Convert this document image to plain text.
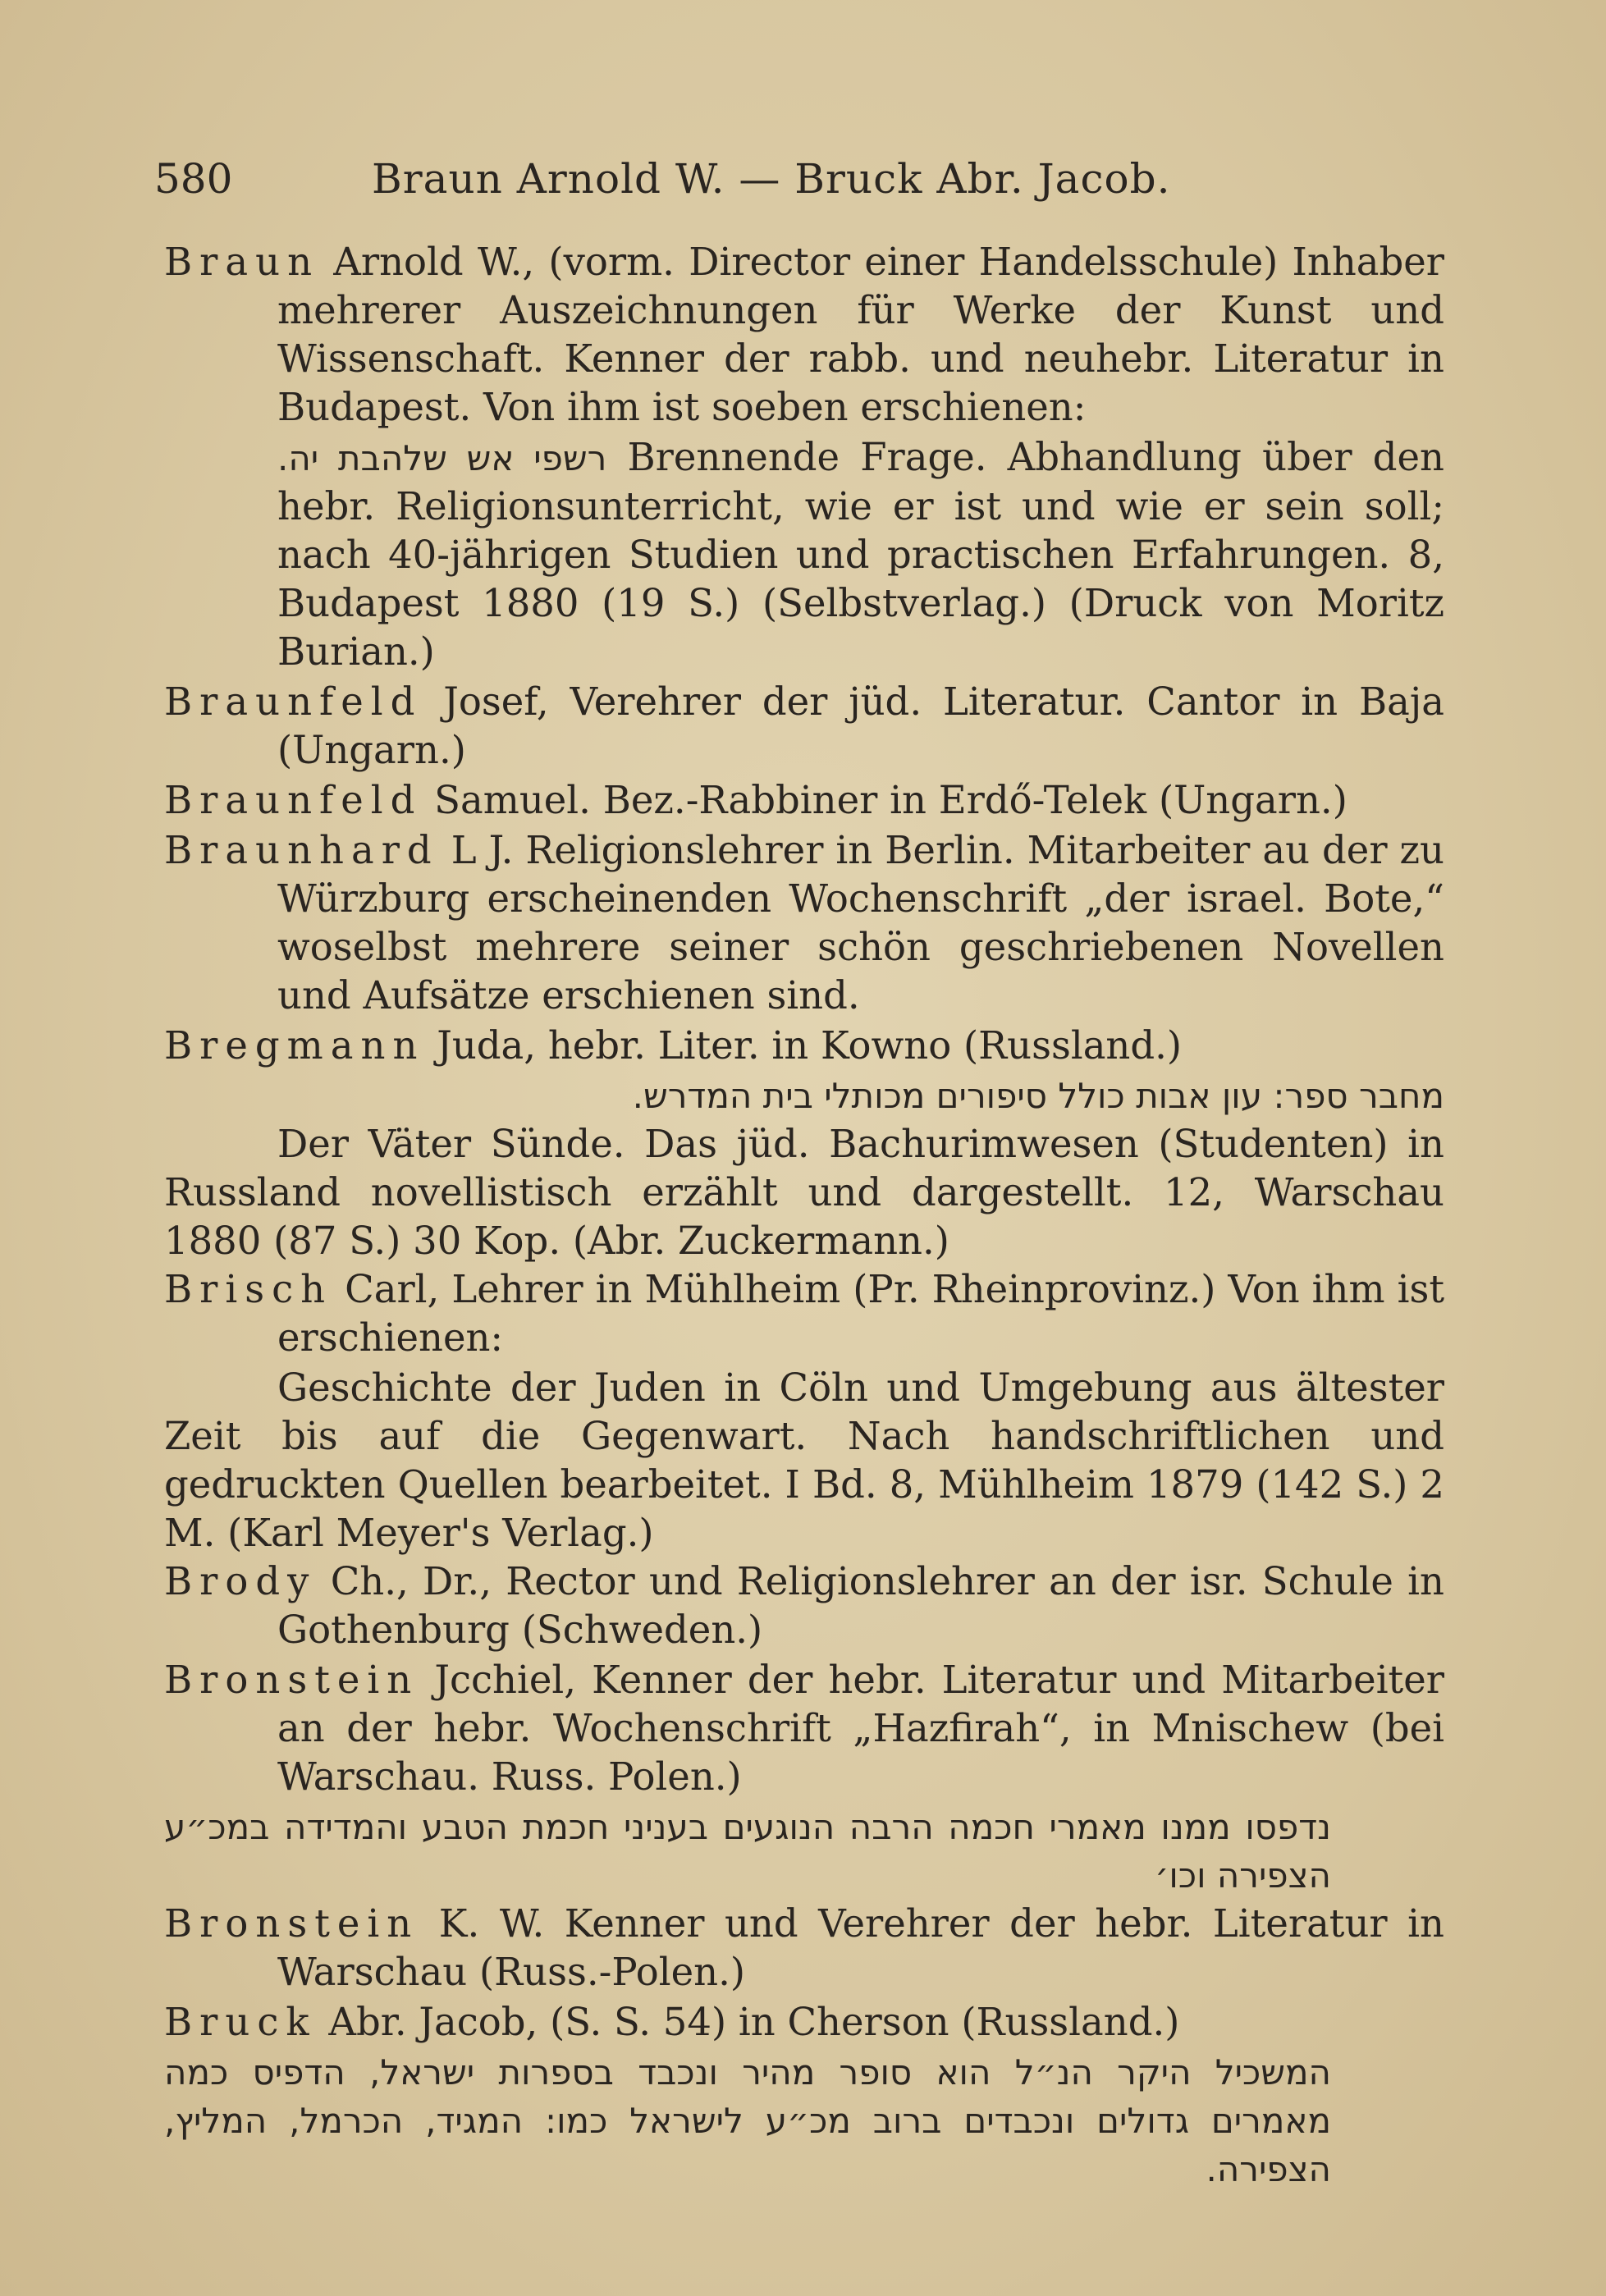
580	Braun Arnold W. — Bruck Abr. Jacob.
Braun Arnold W., (vorm. Director einer Handelsschule) Inhaber mehrerer Auszeichnungen für Werke der Kunst und Wissenschaft. Kenner der rabb. und neuhebr. Literatur in Budapest. Von ihm ist soeben erschienen:
רשפי אש שלהבת יה. Brennende Frage. Abhandlung über den hebr. Religionsunterricht, wie er ist und wie er sein soll; nach 40-jährigen Studien und practischen Erfahrungen. 8, Budapest 1880 (19 S.) (Selbstverlag.) (Druck von Moritz Burian.)
Braunfeld Josef, Verehrer der jüd. Literatur. Cantor in Baja (Ungarn.)
Braunfeld Samuel. Bez.-Rabbiner in Erdő-Telek (Ungarn.)
Braunhard L J. Religionslehrer in Berlin. Mitarbeiter au der zu Würzburg erscheinenden Wochenschrift „der israel. Bote,“ woselbst mehrere seiner schön geschriebenen Novellen und Aufsätze erschienen sind.
Bregmann Juda, hebr. Liter. in Kowno (Russland.)
מחבר ספר: עון אבות כולל סיפורים מכותלי בית המדרש.
Der Väter Sünde. Das jüd. Bachurimwesen (Studenten) in Russland novellistisch erzählt und dargestellt. 12, Warschau 1880 (87 S.) 30 Kop. (Abr. Zuckermann.)
Brisch Carl, Lehrer in Mühlheim (Pr. Rheinprovinz.) Von ihm ist erschienen:
Geschichte der Juden in Cöln und Umgebung aus ältester Zeit bis auf die Gegenwart. Nach handschriftlichen und gedruckten Quellen bearbeitet. I Bd. 8, Mühlheim 1879 (142 S.) 2 M. (Karl Meyer's Verlag.)
Brody Ch., Dr., Rector und Religionslehrer an der isr. Schule in Gothenburg (Schweden.)
Bronstein Jcchiel, Kenner der hebr. Literatur und Mitarbeiter an der hebr. Wochenschrift „Hazfirah“, in Mnischew (bei Warschau. Russ. Polen.)
נדפסו ממנו מאמרי חכמה הרבה הנוגעים בעניני חכמת הטבע והמדידה במכ״ע הצפירה וכו׳
Bronstein K. W. Kenner und Verehrer der hebr. Literatur in Warschau (Russ.-Polen.)
Bruck Abr. Jacob, (S. S. 54) in Cherson (Russland.)
המשכיל היקר הנ״ל הוא סופר מהיר ונכבד בספרות ישראל, הדפיס כמה מאמרים גדולים ונכבדים ברוב מכ״ע לישראל כמו: המגיד, הכרמל, המליץ, הצפירה.
